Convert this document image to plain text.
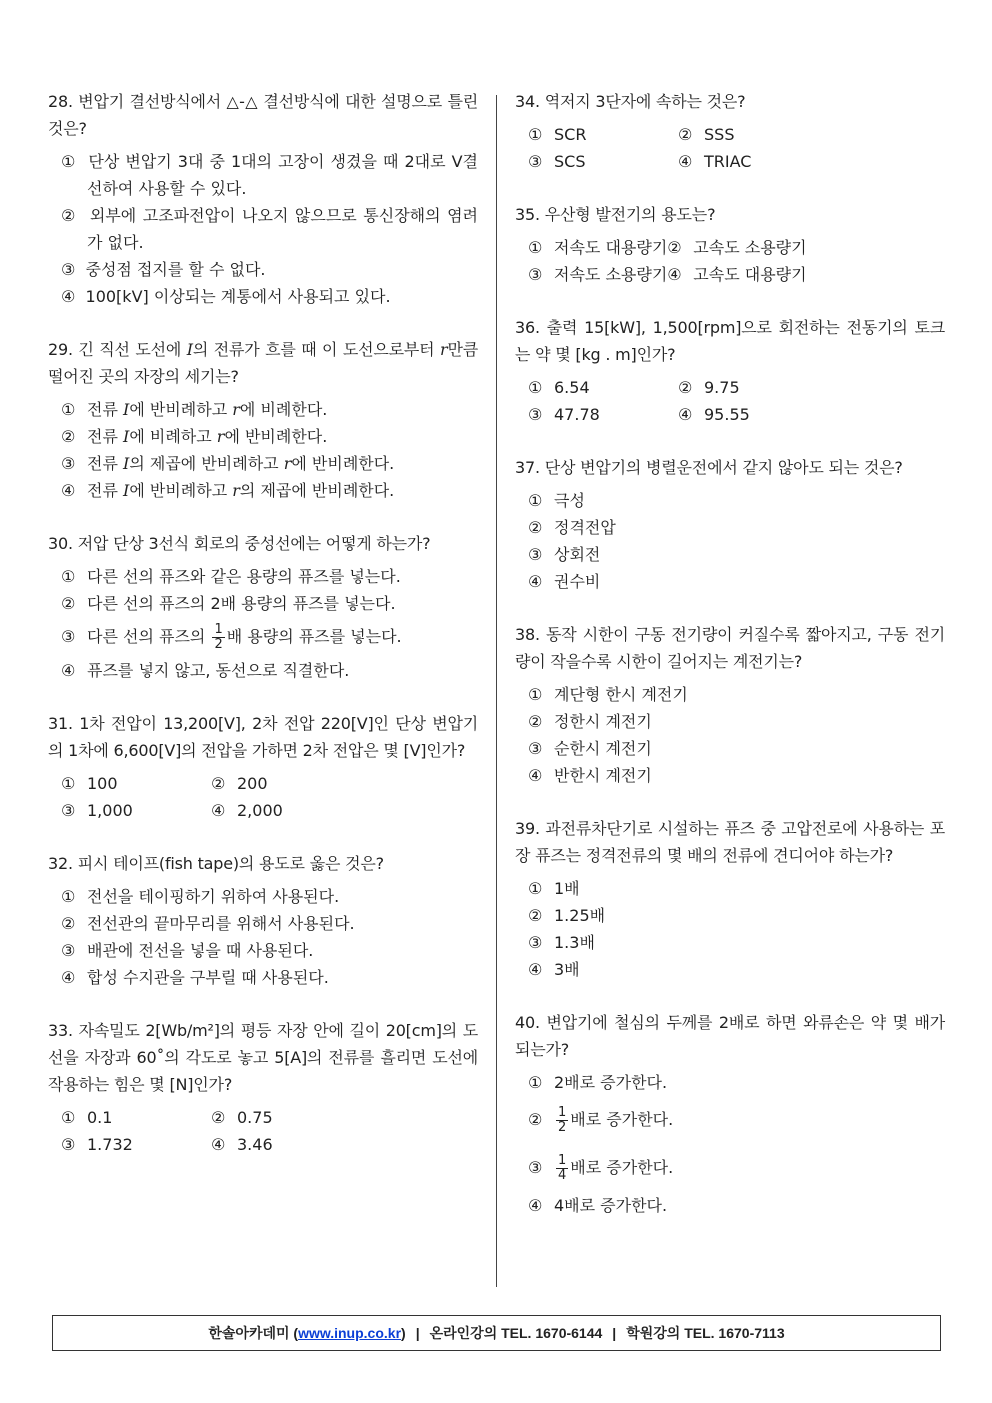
28. 변압기 결선방식에서 △-△ 결선방식에 대한 설명으로 틀린 것은?

① 단상 변압기 3대 중 1대의 고장이 생겼을 때 2대로 V결선하여 사용할 수 있다.
② 외부에 고조파전압이 나오지 않으므로 통신장해의 염려가 없다.
③ 중성점 접지를 할 수 없다.
④ 100[kV] 이상되는 계통에서 사용되고 있다.

29. 긴 직선 도선에 I의 전류가 흐를 때 이 도선으로부터 r만큼 떨어진 곳의 자장의 세기는?

① 전류 I에 반비례하고 r에 비례한다.
② 전류 I에 비례하고 r에 반비례한다.
③ 전류 I의 제곱에 반비례하고 r에 반비례한다.
④ 전류 I에 반비례하고 r의 제곱에 반비례한다.

30. 저압 단상 3선식 회로의 중성선에는 어떻게 하는가?

① 다른 선의 퓨즈와 같은 용량의 퓨즈를 넣는다.
② 다른 선의 퓨즈의 2배 용량의 퓨즈를 넣는다.
③ 다른 선의 퓨즈의 $\frac{1}{2}$ 배 용량의 퓨즈를 넣는다.
④ 퓨즈를 넣지 않고, 동선으로 직결한다.

31. 1차 전압이 13,200[V], 2차 전압 220[V]인 단상 변압기의 1차에 6,600[V]의 전압을 가하면 2차 전압은 몇 [V]인가?

① 100	② 200
③ 1,000	④ 2,000

32. 피시 테이프(fish tape)의 용도로 옳은 것은?

① 전선을 테이핑하기 위하여 사용된다.
② 전선관의 끝마무리를 위해서 사용된다.
③ 배관에 전선을 넣을 때 사용된다.
④ 합성 수지관을 구부릴 때 사용된다.

33. 자속밀도 2[Wb/m²]의 평등 자장 안에 길이 20[cm]의 도선을 자장과 60˚의 각도로 놓고 5[A]의 전류를 흘리면 도선에 작용하는 힘은 몇 [N]인가?

① 0.1	② 0.75
③ 1.732	④ 3.46

34. 역저지 3단자에 속하는 것은?

① SCR	② SSS
③ SCS	④ TRIAC

35. 우산형 발전기의 용도는?

① 저속도 대용량기 ② 고속도 소용량기
③ 저속도 소용량기 ④ 고속도 대용량기

36. 출력 15[kW], 1,500[rpm]으로 회전하는 전동기의 토크는 약 몇 [kg . m]인가?

① 6.54	② 9.75
③ 47.78	④ 95.55

37. 단상 변압기의 병렬운전에서 같지 않아도 되는 것은?

① 극성
② 정격전압
③ 상회전
④ 권수비

38. 동작 시한이 구동 전기량이 커질수록 짧아지고, 구동 전기량이 작을수록 시한이 길어지는 계전기는?

① 계단형 한시 계전기
② 정한시 계전기
③ 순한시 계전기
④ 반한시 계전기

39. 과전류차단기로 시설하는 퓨즈 중 고압전로에 사용하는 포장 퓨즈는 정격전류의 몇 배의 전류에 견디어야 하는가?

① 1배
② 1.25배
③ 1.3배
④ 3배

40. 변압기에 철심의 두께를 2배로 하면 와류손은 약 몇 배가 되는가?

① 2배로 증가한다.
②	$\frac{1}{2}$ 배로 증가한다.
③	$\frac{1}{4}$ 배로 증가한다.
④ 4배로 증가한다.
한솔아카데미 ( www.inup.co.kr ) | 온라인강의 TEL. 1670-6144 | 학원강의 TEL. 1670-7113
